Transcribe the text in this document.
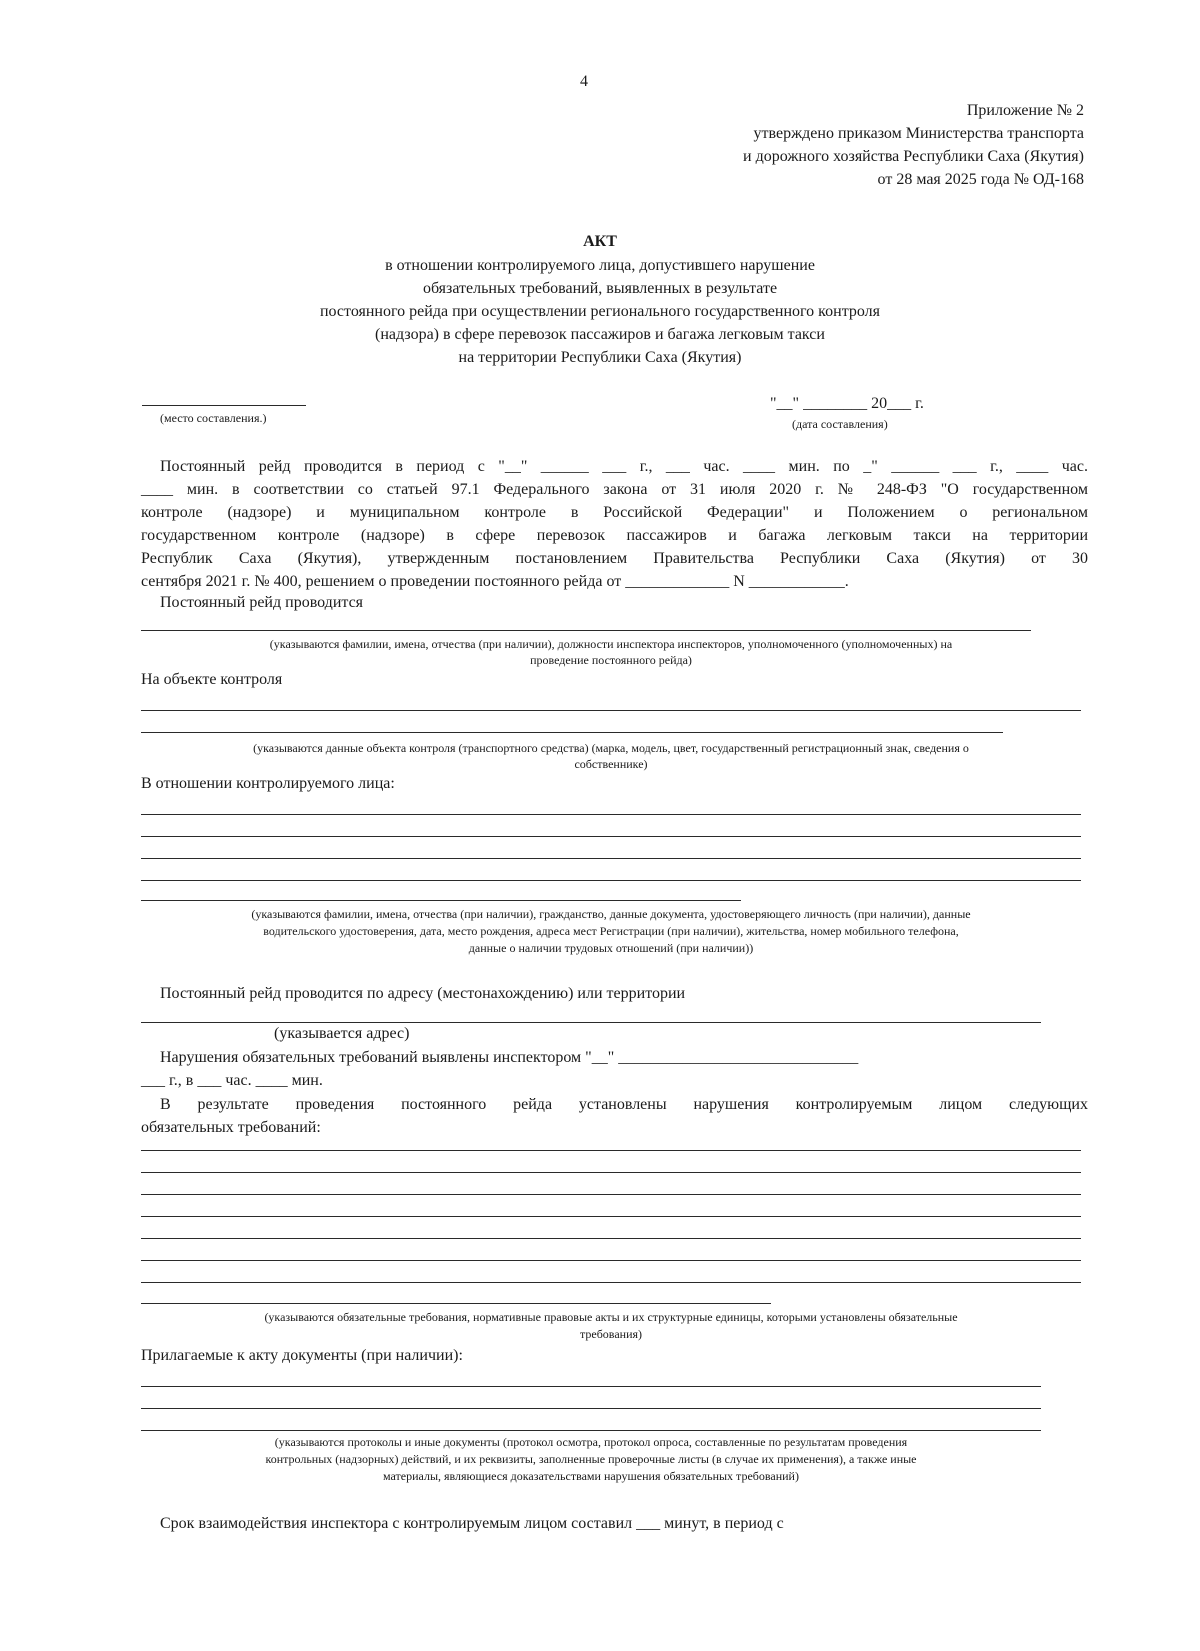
4
Приложение № 2
утверждено приказом Министерства транспорта
и дорожного хозяйства Республики Саха (Якутия)
от 28 мая 2025 года № ОД-168
АКТ
в отношении контролируемого лица, допустившего нарушение
обязательных требований, выявленных в результате
постоянного рейда при осуществлении регионального государственного контроля
(надзора) в сфере перевозок пассажиров и багажа легковым такси
на территории Республики Саха (Якутия)
(место составления.)
"__" ________ 20___ г.
(дата составления)
Постоянный рейд проводится в период с "__" ______ ___ г., ___ час. ____ мин. по _" ______ ___ г., ____ час.
____ мин. в соответствии со статьей 97.1 Федерального закона от 31 июля 2020 г. № 248-ФЗ "О государственном
контроле (надзоре) и муниципальном контроле в Российской Федерации" и Положением о региональном
государственном контроле (надзоре) в сфере перевозок пассажиров и багажа легковым такси на территории
Республик Саха (Якутия), утвержденным постановлением Правительства Республики Саха (Якутия) от 30
сентября 2021 г. № 400, решением о проведении постоянного рейда от _____________ N ____________.
Постоянный рейд проводится
(указываются фамилии, имена, отчества (при наличии), должности инспектора инспекторов, уполномоченного (уполномоченных) на
проведение постоянного рейда)
На объекте контроля
(указываются данные объекта контроля (транспортного средства) (марка, модель, цвет, государственный регистрационный знак, сведения о
собственнике)
В отношении контролируемого лица:
(указываются фамилии, имена, отчества (при наличии), гражданство, данные документа, удостоверяющего личность (при наличии), данные
водительского удостоверения, дата, место рождения, адреса мест Регистрации (при наличии), жительства, номер мобильного телефона,
данные о наличии трудовых отношений (при наличии))
Постоянный рейд проводится по адресу (местонахождению) или территории
(указывается адрес)
Нарушения обязательных требований выявлены инспектором "__" ______________________________
___ г., в ___ час. ____ мин.
В результате проведения постоянного рейда установлены нарушения контролируемым лицом следующих
обязательных требований:
(указываются обязательные требования, нормативные правовые акты и их структурные единицы, которыми установлены обязательные
требования)
Прилагаемые к акту документы (при наличии):
(указываются протоколы и иные документы (протокол осмотра, протокол опроса, составленные по результатам проведения
контрольных (надзорных) действий, и их реквизиты, заполненные проверочные листы (в случае их применения), а также иные
материалы, являющиеся доказательствами нарушения обязательных требований)
Срок взаимодействия инспектора с контролируемым лицом составил ___ минут, в период с
